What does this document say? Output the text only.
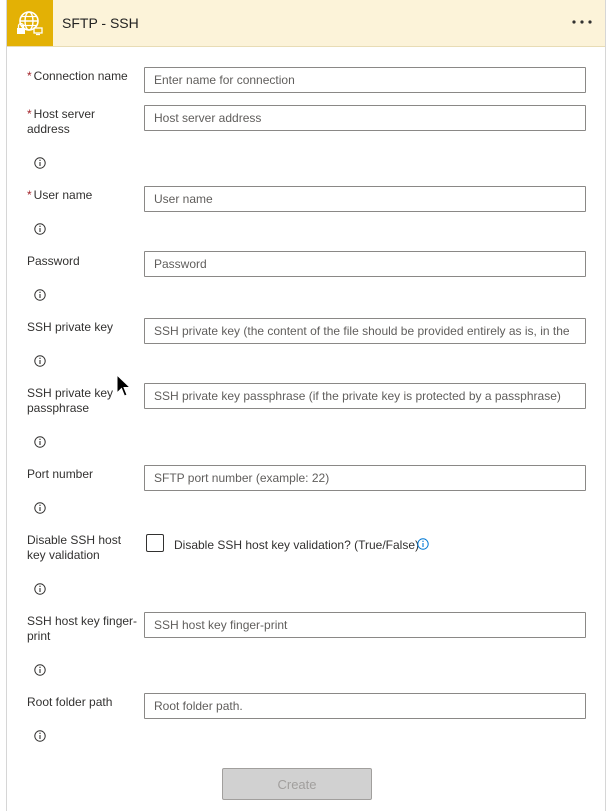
SFTP - SSH
* Connection name
Enter name for connection
* Host server address
Host server address
* User name
User name
Password
SSH private key
SSH private key (the content of the file should be provided entirely as is, in the
SSH private key passphrase
SSH private key passphrase (if the private key is protected by a passphrase)
Port number
SFTP port number (example: 22)
Disable SSH host key validation
Disable SSH host key validation? (True/False)
SSH host key finger-print
SSH host key finger-print
Root folder path
Root folder path.
Create
